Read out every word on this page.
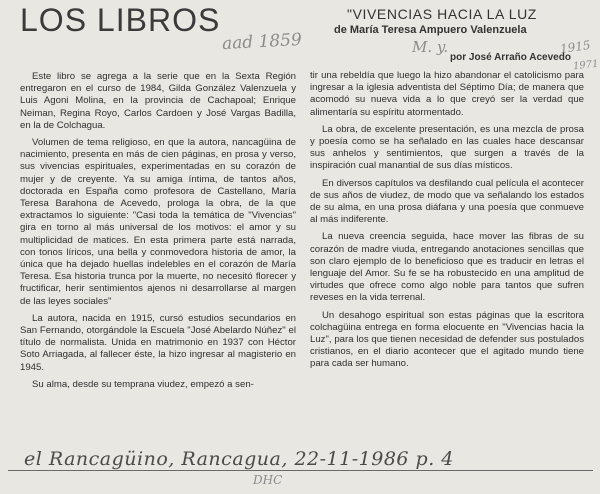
LOS LIBROS
aad 1859	M. y.	1915
1971
"VIVENCIAS HACIA LA LUZ
de María Teresa Ampuero Valenzuela

por José Arraño Acevedo

Este libro se agrega a la serie que en la Sexta Región entregaron en el curso de 1984, Gilda González Valenzuela y Luis Agoni Molina, en la provincia de Cachapoal; Enrique Neiman, Regina Royo, Carlos Cardoen y José Vargas Badilla, en la de Colchagua.

Volumen de tema religioso, en que la autora, nancagüina de nacimiento, presenta en más de cien páginas, en prosa y verso, sus vivencias espirituales, experimentadas en su corazón de mujer y de creyente. Ya su amiga íntima, de tantos años, doctorada en España como profesora de Castellano, María Teresa Barahona de Acevedo, prologa la obra, de la que extractamos lo siguiente: "Casi toda la temática de "Vivencias" gira en torno al más universal de los motivos: el amor y su multiplicidad de matices. En esta primera parte está narrada, con tonos líricos, una bella y conmovedora historia de amor, la única que ha dejado huellas indelebles en el corazón de María Teresa. Esa historia trunca por la muerte, no necesitó florecer y fructificar, herir sentimientos ajenos ni desarrollarse al margen de las leyes sociales"

La autora, nacida en 1915, cursó estudios secundarios en San Fernando, otorgándole la Escuela "José Abelardo Núñez" el título de normalista. Unida en matrimonio en 1937 con Héctor Soto Arriagada, al fallecer éste, la hizo ingresar al magisterio en 1945.

Su alma, desde su temprana viudez, empezó a sen-

tir una rebeldía que luego la hizo abandonar el catolicismo para ingresar a la iglesia adventista del Séptimo Día; de manera que acomodó su nueva vida a lo que creyó ser la verdad que alimentaría su espíritu atormentado.

La obra, de excelente presentación, es una mezcla de prosa y poesía como se ha señalado en las cuales hace descansar sus anhelos y sentimientos, que surgen a través de la inspiración cual manantial de sus días místicos.

En diversos capítulos va desfilando cual película el acontecer de sus años de viudez, de modo que va señalando los estados de su alma, en una prosa diáfana y una poesía que conmueve al más indiferente.

La nueva creencia seguida, hace mover las fibras de su corazón de madre viuda, entregando anotaciones sencillas que son claro ejemplo de lo beneficioso que es traducir en letras el lenguaje del Amor. Su fe se ha robustecido en una amplitud de virtudes que ofrece como algo noble para tantos que sufren reveses en la vida terrenal.

Un desahogo espiritual son estas páginas que la escritora colchagüina entrega en forma elocuente en "Vivencias hacia la Luz", para los que tienen necesidad de defender sus postulados cristianos, en el diario acontecer que el agitado mundo tiene para cada ser humano.

el Rancagüino, Rancagua, 22-11-1986 p. 4
DHC
